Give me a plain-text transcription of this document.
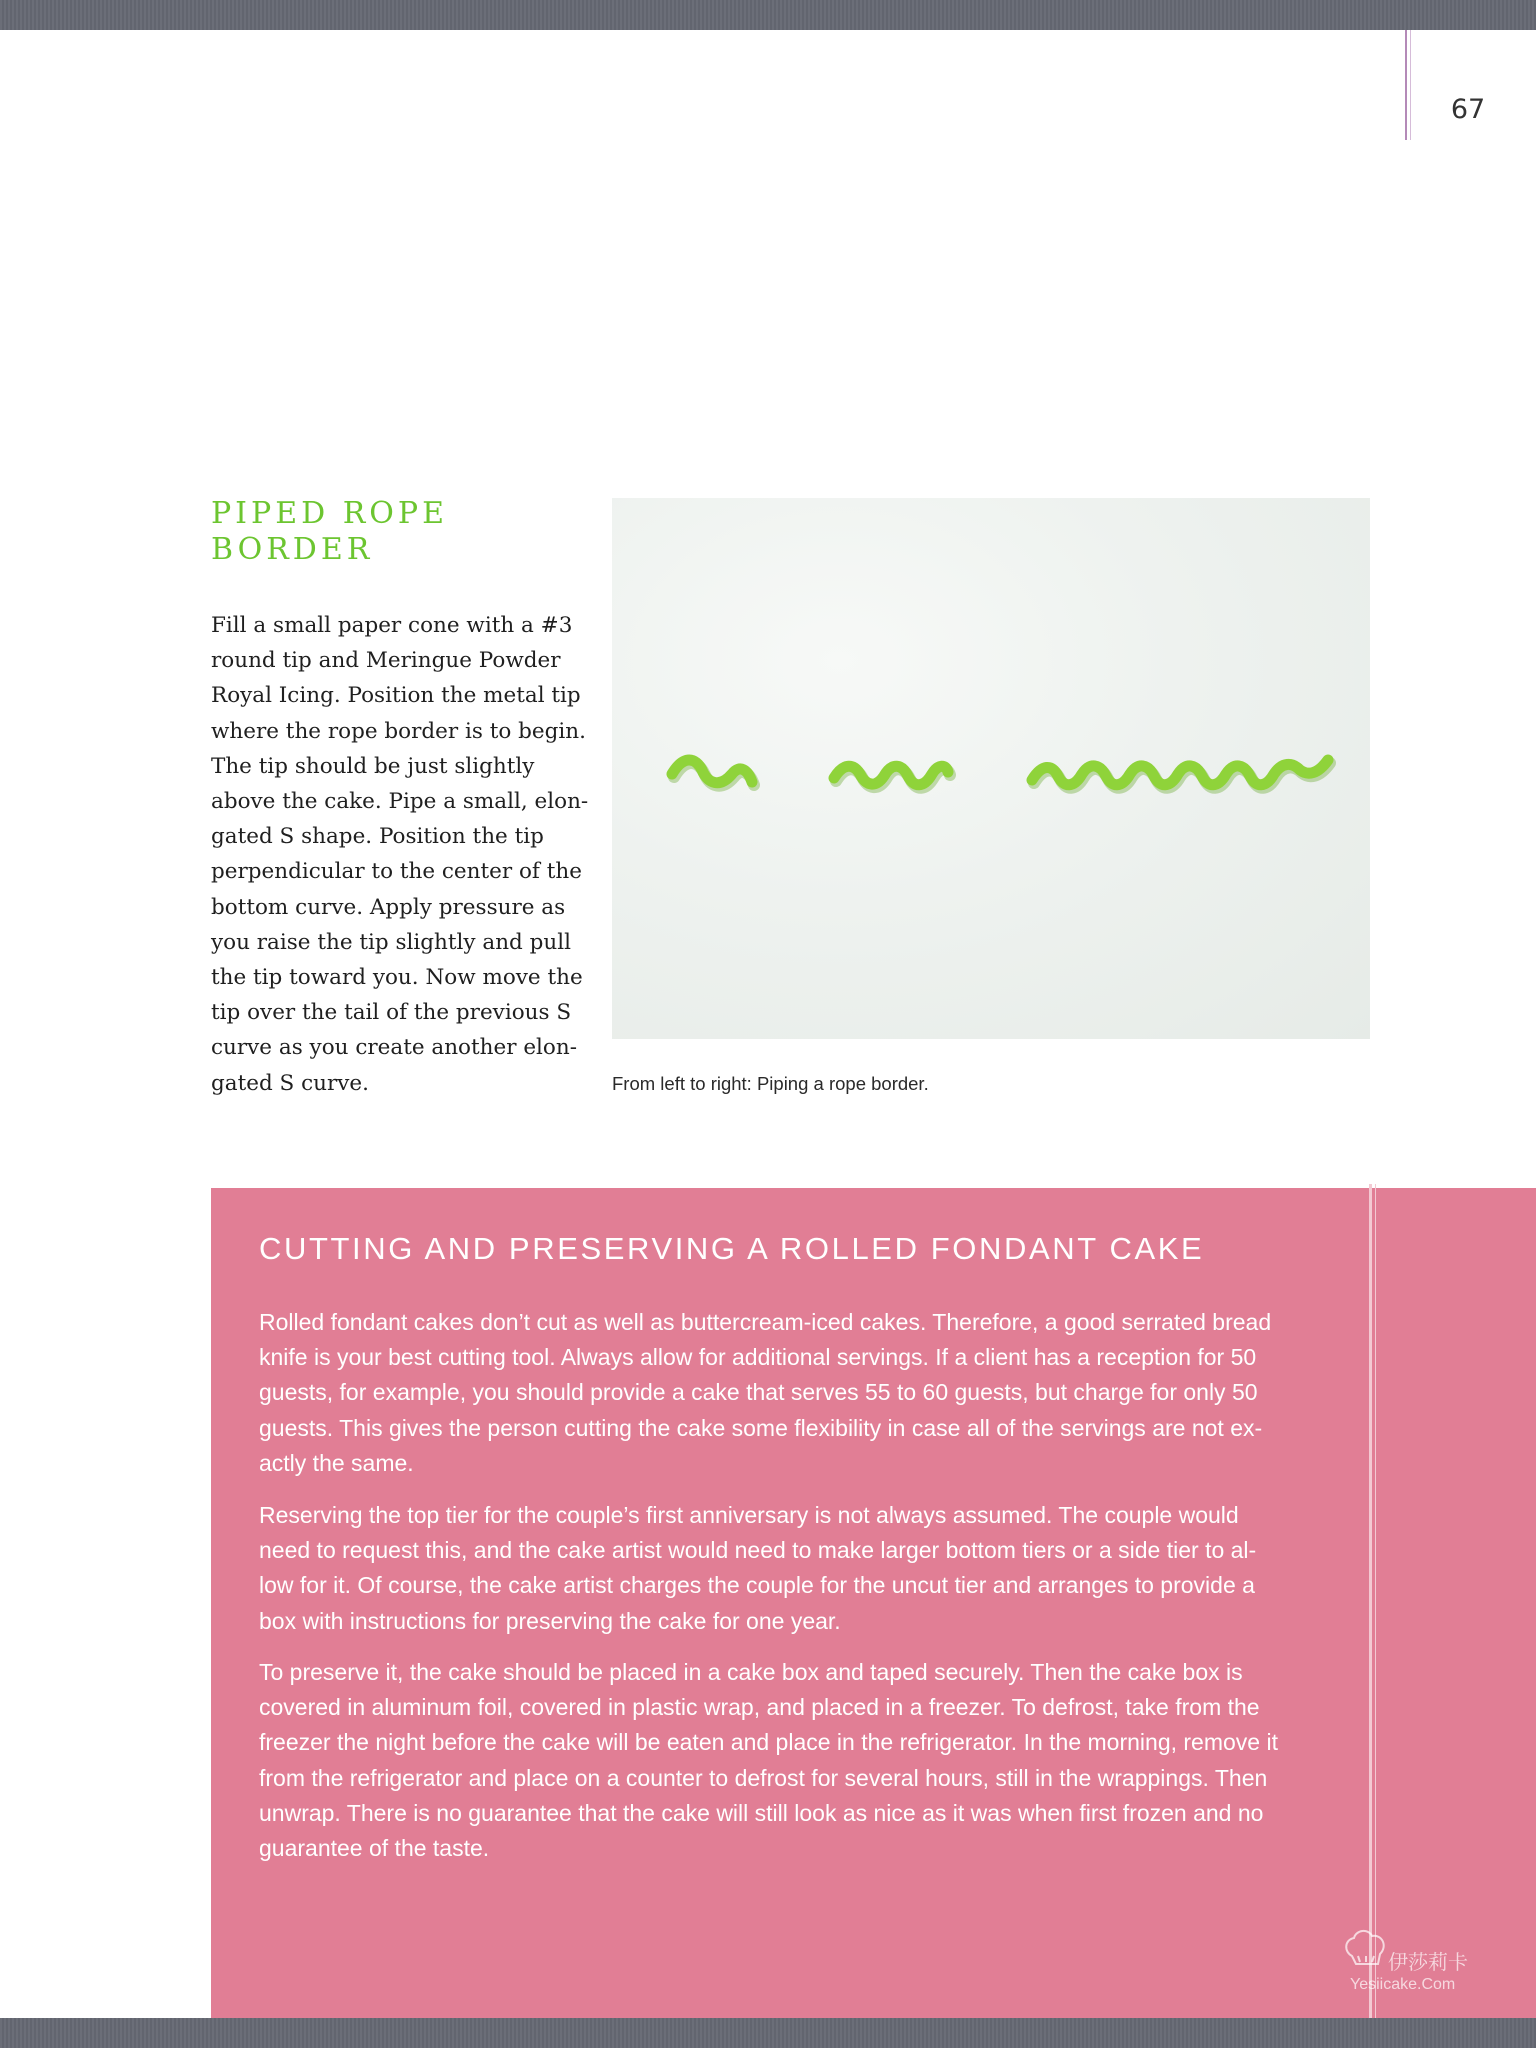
67
PIPED ROPE
BORDER
Fill a small paper cone with a #3
round tip and Meringue Powder
Royal Icing. Position the metal tip
where the rope border is to begin.
The tip should be just slightly
above the cake. Pipe a small, elon-
gated S shape. Position the tip
perpendicular to the center of the
bottom curve. Apply pressure as
you raise the tip slightly and pull
the tip toward you. Now move the
tip over the tail of the previous S
curve as you create another elon-
gated S curve.	From left to right: Piping a rope border.
CUTTING AND PRESERVING A ROLLED FONDANT CAKE
Rolled fondant cakes don’t cut as well as buttercream-iced cakes. Therefore, a good serrated bread
knife is your best cutting tool. Always allow for additional servings. If a client has a reception for 50
guests, for example, you should provide a cake that serves 55 to 60 guests, but charge for only 50
guests. This gives the person cutting the cake some flexibility in case all of the servings are not ex-
actly the same.
Reserving the top tier for the couple’s first anniversary is not always assumed. The couple would
need to request this, and the cake artist would need to make larger bottom tiers or a side tier to al-
low for it. Of course, the cake artist charges the couple for the uncut tier and arranges to provide a
box with instructions for preserving the cake for one year.
To preserve it, the cake should be placed in a cake box and taped securely. Then the cake box is
covered in aluminum foil, covered in plastic wrap, and placed in a freezer. To defrost, take from the
freezer the night before the cake will be eaten and place in the refrigerator. In the morning, remove it
from the refrigerator and place on a counter to defrost for several hours, still in the wrappings. Then
unwrap. There is no guarantee that the cake will still look as nice as it was when first frozen and no
guarantee of the taste.
伊莎莉卡
Yesiicake.Com
